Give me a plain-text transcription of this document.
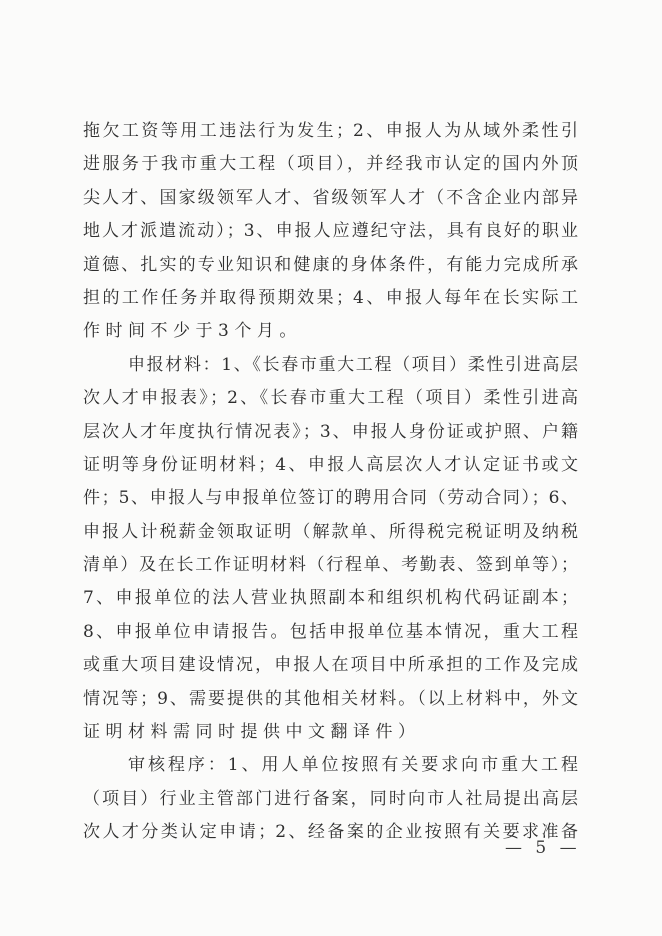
拖欠工资等用工违法行为发生；2、申报人为从域外柔性引
进服务于我市重大工程（项目），并经我市认定的国内外顶
尖人才、国家级领军人才、省级领军人才（不含企业内部异
地人才派遣流动）；3、申报人应遵纪守法，具有良好的职业
道德、扎实的专业知识和健康的身体条件，有能力完成所承
担的工作任务并取得预期效果；4、申报人每年在长实际工
作时间不少于3个月。
申报材料：1、《长春市重大工程（项目）柔性引进高层
次人才申报表》；2、《长春市重大工程（项目）柔性引进高
层次人才年度执行情况表》；3、申报人身份证或护照、户籍
证明等身份证明材料；4、申报人高层次人才认定证书或文
件；5、申报人与申报单位签订的聘用合同（劳动合同）；6、
申报人计税薪金领取证明（解款单、所得税完税证明及纳税
清单）及在长工作证明材料（行程单、考勤表、签到单等）；
7、申报单位的法人营业执照副本和组织机构代码证副本；
8、申报单位申请报告。包括申报单位基本情况，重大工程
或重大项目建设情况，申报人在项目中所承担的工作及完成
情况等；9、需要提供的其他相关材料。（以上材料中，外文
证明材料需同时提供中文翻译件）
审核程序：1、用人单位按照有关要求向市重大工程
（项目）行业主管部门进行备案，同时向市人社局提出高层
次人才分类认定申请；2、经备案的企业按照有关要求准备
— 5 —
